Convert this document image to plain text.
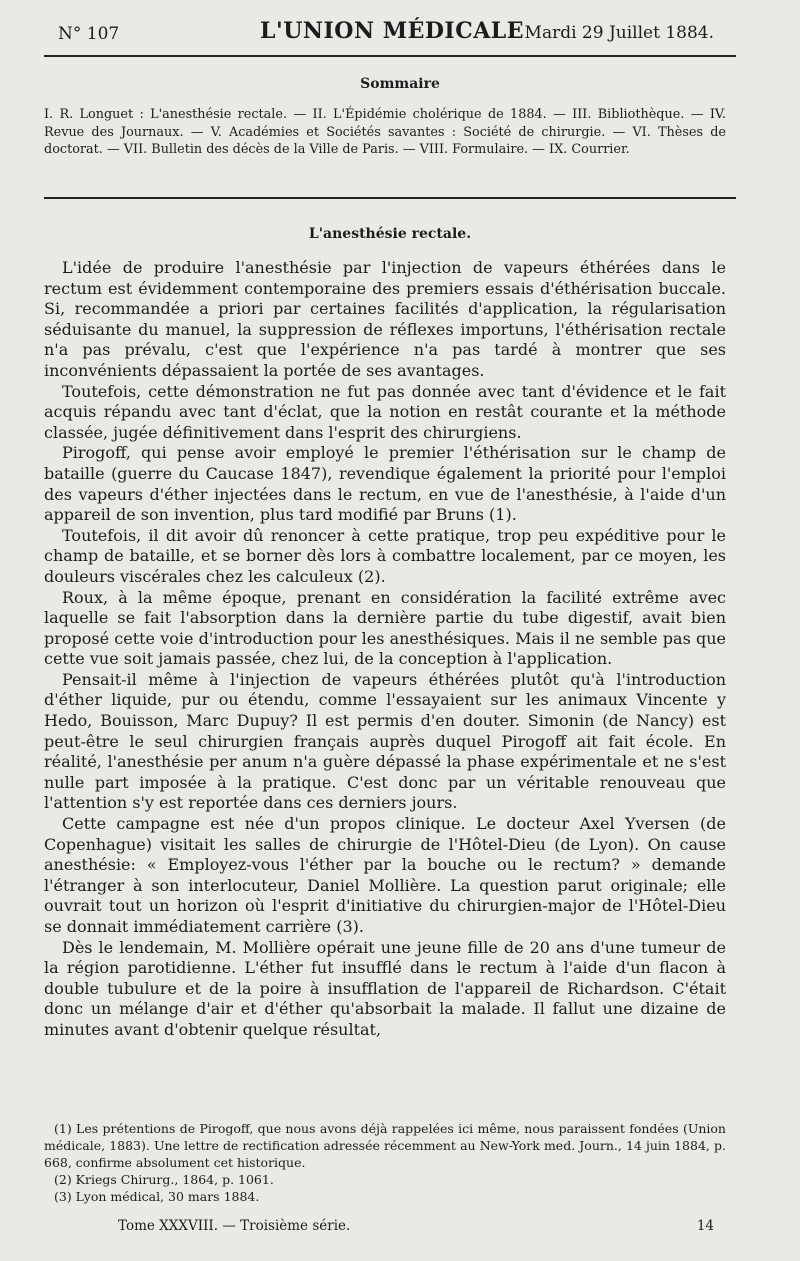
N° 107	L'UNION MÉDICALE Mardi 29 Juillet 1884.
Sommaire
I. R. Longuet : L'anesthésie rectale. — II. L'Épidémie cholérique de 1884. — III. Bibliothèque. — IV. Revue des Journaux. — V. Académies et Sociétés savantes : Société de chirurgie. — VI. Thèses de doctorat. — VII. Bulletin des décès de la Ville de Paris. — VIII. Formulaire. — IX. Courrier.
L'anesthésie rectale.

L'idée de produire l'anesthésie par l'injection de vapeurs éthérées dans le rectum est évidemment contemporaine des premiers essais d'éthérisation buccale. Si, recommandée a priori par certaines facilités d'application, la régularisation séduisante du manuel, la suppression de réflexes importuns, l'éthérisation rectale n'a pas prévalu, c'est que l'expérience n'a pas tardé à montrer que ses inconvénients dépassaient la portée de ses avantages.

Toutefois, cette démonstration ne fut pas donnée avec tant d'évidence et le fait acquis répandu avec tant d'éclat, que la notion en restât courante et la méthode classée, jugée définitivement dans l'esprit des chirurgiens.

Pirogoff, qui pense avoir employé le premier l'éthérisation sur le champ de bataille (guerre du Caucase 1847), revendique également la priorité pour l'emploi des vapeurs d'éther injectées dans le rectum, en vue de l'anesthésie, à l'aide d'un appareil de son invention, plus tard modifié par Bruns (1).

Toutefois, il dit avoir dû renoncer à cette pratique, trop peu expéditive pour le champ de bataille, et se borner dès lors à combattre localement, par ce moyen, les douleurs viscérales chez les calculeux (2).

Roux, à la même époque, prenant en considération la facilité extrême avec laquelle se fait l'absorption dans la dernière partie du tube digestif, avait bien proposé cette voie d'introduction pour les anesthésiques. Mais il ne semble pas que cette vue soit jamais passée, chez lui, de la conception à l'application.

Pensait-il même à l'injection de vapeurs éthérées plutôt qu'à l'introduction d'éther liquide, pur ou étendu, comme l'essayaient sur les animaux Vincente y Hedo, Bouisson, Marc Dupuy? Il est permis d'en douter. Simonin (de Nancy) est peut-être le seul chirurgien français auprès duquel Pirogoff ait fait école. En réalité, l'anesthésie per anum n'a guère dépassé la phase expérimentale et ne s'est nulle part imposée à la pratique. C'est donc par un véritable renouveau que l'attention s'y est reportée dans ces derniers jours.

Cette campagne est née d'un propos clinique. Le docteur Axel Yversen (de Copenhague) visitait les salles de chirurgie de l'Hôtel-Dieu (de Lyon). On cause anesthésie: « Employez-vous l'éther par la bouche ou le rectum? » demande l'étranger à son interlocuteur, Daniel Mollière. La question parut originale; elle ouvrait tout un horizon où l'esprit d'initiative du chirurgien-major de l'Hôtel-Dieu se donnait immédiatement carrière (3).

Dès le lendemain, M. Mollière opérait une jeune fille de 20 ans d'une tumeur de la région parotidienne. L'éther fut insufflé dans le rectum à l'aide d'un flacon à double tubulure et de la poire à insufflation de l'appareil de Richardson. C'était donc un mélange d'air et d'éther qu'absorbait la malade. Il fallut une dizaine de minutes avant d'obtenir quelque résultat,

(1) Les prétentions de Pirogoff, que nous avons déjà rappelées ici même, nous paraissent fondées (Union médicale, 1883). Une lettre de rectification adressée récemment au New-York med. Journ., 14 juin 1884, p. 668, confirme absolument cet historique.

(2) Kriegs Chirurg., 1864, p. 1061.

(3) Lyon médical, 30 mars 1884.

Tome XXXVIII. — Troisième série.	14
